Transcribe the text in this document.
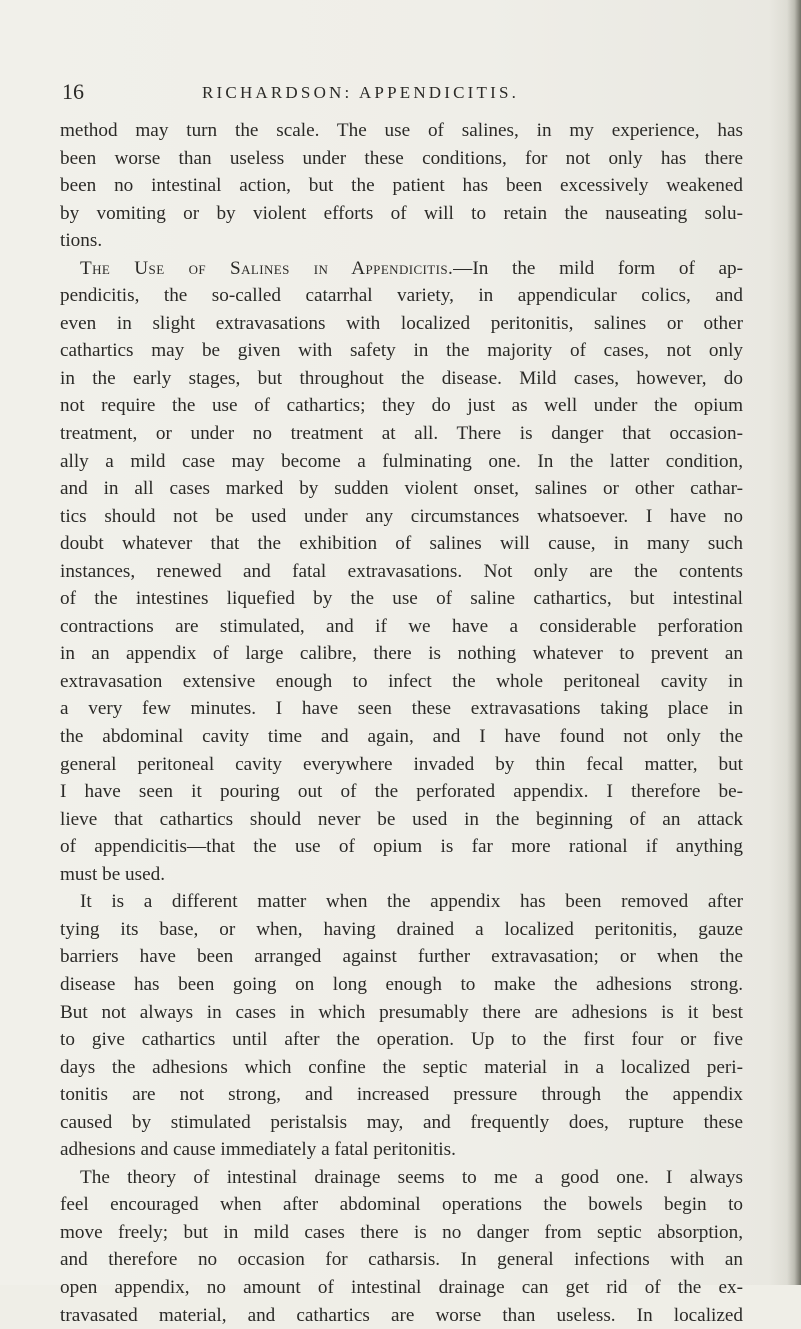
16	RICHARDSON: APPENDICITIS.
method may turn the scale. The use of salines, in my experience, has
been worse than useless under these conditions, for not only has there
been no intestinal action, but the patient has been excessively weakened
by vomiting or by violent efforts of will to retain the nauseating solu-
tions.
The Use of Salines in Appendicitis.—In the mild form of ap-
pendicitis, the so-called catarrhal variety, in appendicular colics, and
even in slight extravasations with localized peritonitis, salines or other
cathartics may be given with safety in the majority of cases, not only
in the early stages, but throughout the disease. Mild cases, however, do
not require the use of cathartics; they do just as well under the opium
treatment, or under no treatment at all. There is danger that occasion-
ally a mild case may become a fulminating one. In the latter condition,
and in all cases marked by sudden violent onset, salines or other cathar-
tics should not be used under any circumstances whatsoever. I have no
doubt whatever that the exhibition of salines will cause, in many such
instances, renewed and fatal extravasations. Not only are the contents
of the intestines liquefied by the use of saline cathartics, but intestinal
contractions are stimulated, and if we have a considerable perforation
in an appendix of large calibre, there is nothing whatever to prevent an
extravasation extensive enough to infect the whole peritoneal cavity in
a very few minutes. I have seen these extravasations taking place in
the abdominal cavity time and again, and I have found not only the
general peritoneal cavity everywhere invaded by thin fecal matter, but
I have seen it pouring out of the perforated appendix. I therefore be-
lieve that cathartics should never be used in the beginning of an attack
of appendicitis—that the use of opium is far more rational if anything
must be used.
It is a different matter when the appendix has been removed after
tying its base, or when, having drained a localized peritonitis, gauze
barriers have been arranged against further extravasation; or when the
disease has been going on long enough to make the adhesions strong.
But not always in cases in which presumably there are adhesions is it best
to give cathartics until after the operation. Up to the first four or five
days the adhesions which confine the septic material in a localized peri-
tonitis are not strong, and increased pressure through the appendix
caused by stimulated peristalsis may, and frequently does, rupture these
adhesions and cause immediately a fatal peritonitis.
The theory of intestinal drainage seems to me a good one. I always
feel encouraged when after abdominal operations the bowels begin to
move freely; but in mild cases there is no danger from septic absorption,
and therefore no occasion for catharsis. In general infections with an
open appendix, no amount of intestinal drainage can get rid of the ex-
travasated material, and cathartics are worse than useless. In localized
